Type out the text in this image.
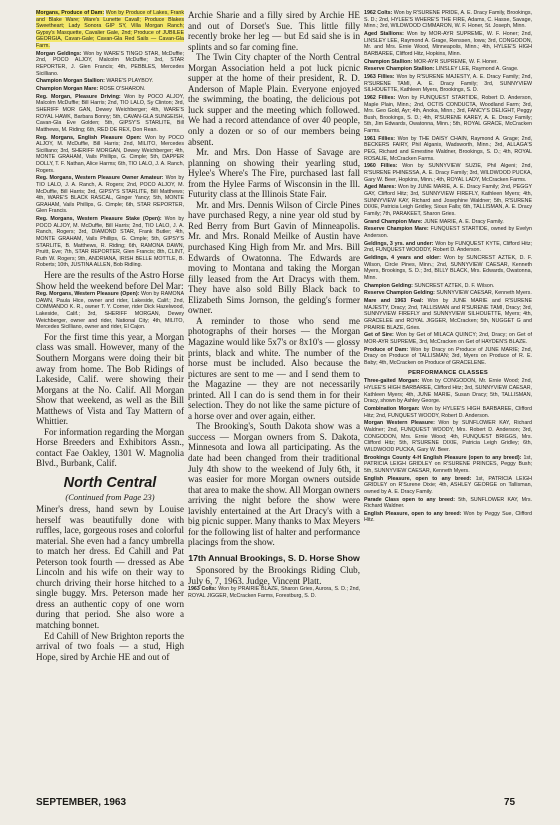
Morgans, Produce of Dam: Won by Produce of Lakes, Frank and Blake Ware; Ware's Lunette Cavall; Produce Blakes Sweetheart; Lady Sonora GIP SY, Villa Morgan Ranch; Gypsy's Masquette, Cavalier Gale, 2nd; Produce of JUBILEE GEORGIA, Cavan-Gale; Cavan-Gla Red Sails — Cavan-Gla Farm.

Morgan Geldings: Won by WARE'S TINGO STAR, McDuffie; 2nd, POCO ALJOY, Malcolm McDuffie; 3rd, STAR REPORTER, J. Glen Francis; 4th, PEBBLES, Mercedes Sicilliano.

Champion Morgan Stallion: WARE'S PLAYBOY.

Champion Morgan Mare: ROSE O'SHARON.

Reg. Morgan, Pleasure Driving: Won by POCO ALJOY, Malcolm McDuffie; Bill Harris; 2nd, TIO LALO, Sy Clinton; 3rd, SHERIFF MOR GAN, Dewey Weichberger; 4th, WARE'S ROYAL HAWK, Barbara Bonny; 5th, CAVAN-GLA SUNGEISH, Cavan-Gla Eve Golden; 5th, GIPSY'S STARLITE, Bill Matthews, M. Riding; 6th, RED DE REX, Don Rean.

Reg. Morgans, English Pleasure Open: Won by POCO ALJOY, M. McDuffie, Bill Harris; 2nd, MILITO, Mercedes Sicilliano; 3rd, SHERIFF MORGAN, Dewey Weichberger; 4th, MONTE GRAHAM, Vails Phillips, G. Cimple; 5th, DAPPER DOLLY, T. F. Nathan, Alice Harms; 6th, TIO LALO, J. A. Ranch, Rogers.

Reg. Morgans, Western Pleasure Owner Amateur: Won by TIO LALO, J. A. Ranch, A. Rogers; 2nd, POCO ALJOY, M. McDuffie, Bill Harris; 3rd, GIPSY'S STARLITE, Bill Matthews; 4th, WARE'S BLACK RASCAL, Ginger Yancy; 5th, MONTE GRAHAM, Vails Phillips, G. Cimple; 6th, STAR REPORTER, Glen Francis.

Reg. Morgans, Western Pleasure Stake (Open): Won by POCO ALJOY, M. McDuffie, Bill Harris; 2nd, TIO LALO, J. A. Ranch, Rogers; 3rd, DIAMOND STAR, Frank Butler; 4th, MONTE GRAHAM, Vails Phillips, G. Cimple; 5th, GIPSY'S STARLITE, B. Matthews, R. Riding; 6th, RAMONA DAWN, Pruitt, Eve; 7th, STAR REPORTER, Glen Francis; 8th, CLINT, Ruth W. Rogers; 9th, ANDRIANA, IRISH BELLE MOTTLE, B. Roberts; 10th, JUSTINA ALLEN, Bob Ridling.

Here are the results of the Astro Horse Show held the weekend before Del Mar:

Reg. Morgans, Western Pleasure (Open): Won by RAMONA DAWN, Paula Hice, owner and rider, Lakeside, Calif.; 2nd, COMMANDO K. R., owner T. Y. Corner, rider Dick Hazelwood, Lakeside, Calif.; 3rd, SHERIFF MORGAN, Dewey Weichberger, owner and rider, National City; 4th, MILITO, Mercedes Sicilliano, owner and rider, El Cajon.

For the first time this year, a Morgan class was small. However, many of the Southern Morgans were doing their bit away from home. The Bob Ridings of Lakeside, Calif. were showing their Morgans at the No. Calif. All Morgan Show that weekend, as well as the Bill Matthews of Vista and Tay Mattern of Whittier.

For information regarding the Morgan Horse Breeders and Exhibitors Assn., contact Fae Oakley, 1301 W. Magnolia Blvd., Burbank, Calif.

North Central
(Continued from Page 23)

Miner's dress, hand sewn by Louise herself was beautifully done with ruffles, lace, gorgeous roses and colorful material. She even had a fancy umbrella to match her dress. Ed Cahill and Pat Peterson took fourth — dressed as Abe Lincoln and his wife on their way to church driving their horse hitched to a single buggy. Mrs. Peterson made her dress an authentic copy of one worn during that period. She also wore a matching bonnet.

Ed Cahill of New Brighton reports the arrival of two foals — a stud, High Hope, sired by Archie HE and out of

Archie Sharie and a filly sired by Archie HE and out of Dorset's Sue. This little filly recently broke her leg — but Ed said she is in splints and so far coming fine.

The Twin City chapter of the North Central Morgan Association held a pot luck picnic supper at the home of their president, R. D. Anderson of Maple Plain. Everyone enjoyed the swimming, the boating, the delicious pot luck supper and the meeting which followed. We had a record attendance of over 40 people, only a dozen or so of our members being absent.

Mr. and Mrs. Don Hasse of Savage are planning on showing their yearling stud, Hylee's Where's The Fire, purchased last fall from the Hylee Farms of Wisconsin in the Ill. Futurity class at the Illinois State Fair.

Mr. and Mrs. Dennis Wilson of Circle Pines have purchased Regy, a nine year old stud by Red Berry from Burt Gavin of Minneapolis. Mr. and Mrs. Ronald Meilke of Austin have purchased King High from Mr. and Mrs. Bill Edwards of Owatonna. The Edwards are moving to Montana and taking the Morgan filly leased from the Art Dracys with them. They have also sold Billy Black back to Elizabeth Sims Jornson, the gelding's former owner.

A reminder to those who send me photographs of their horses — the Morgan Magazine would like 5x7's or 8x10's — glossy prints, black and white. The number of the horse must be included. Also because the pictures are sent to me — and I send them to the Magazine — they are not necessarily printed. All I can do is send them in for their selection. They do not like the same picture of a horse over and over again, either.

The Brooking's, South Dakota show was a success — Morgan owners from S. Dakota, Minnesota and Iowa all participating. As the date had been changed from their traditional July 4th show to the weekend of July 6th, it was easier for more Morgan owners outside that area to make the show. All Morgan owners arriving the night before the show were lavishly entertained at the Art Dracy's with a big picnic supper. Many thanks to Max Meyers for the following list of halter and performance placings from the show.

17th Annual Brookings, S. D. Horse Show

Sponsored by the Brookings Riding Club, July 6, 7, 1963. Judge, Vincent Platt.

1963 Colts: Won by PRAIRIE BLAZE, Sharon Gries, Aurora, S. D.; 2nd, ROYAL JIGGER, McCracken Farms, Forestburg, S. D.

1962 Colts: Won by R'SURENE PRIDE, A. E. Dracy Family, Brookings, S. D.; 2nd, HYLEE'S WHERE'S THE FIRE, Adams, C. Hasse, Savage, Minn.; 3rd, WILDWOOD CIMMARON, W. F. Honer, St. Joseph, Minn.

Aged Stallions: Won by MOR-AYR SUPREME, W. F. Honer; 2nd, LINSLEY LEE, Raymond A. Grage, Renssen, Iowa; 3rd, CONGODON, Mr. and Mrs. Ernie Wood, Minneapolis, Minn.; 4th, HYLEE'S HIGH BARBAREE, Clifford Hitz, Hopkins, Minn.

Champion Stallion: MOR-AYR SUPREME, W. F. Honer.

Reserve Champion Stallion: LINSLEY LEE, Raymond A. Grage.

1963 Fillies: Won by R'SURENE MAJESTY, A. E. Dracy Family; 2nd, R'SURENE TAMI, A. E. Dracy Family; 3rd, SUNNYVIEW SILHOUETTE, Kathleen Myers, Brookings, S. D.

1962 Fillies: Won by FUNQUEST STARTIDE, Robert D. Anderson, Maple Plain, Minn.; 2nd, OCTIS CONDUCTA, Woodland Farm; 3rd, Mrs. Geo Gold, Ayr; 4th, Anoka, Minn.; 3rd, FANCY'S DELIGHT, Peggy Bush, Brookings, S. D.; 4th, R'SURENE KAREY, A. E. Dracy Family; 5th, Jim Edwards, Owatonna, Minn.; 5th, ROYAL GRACE, McCracken Farms.

1961 Fillies: Won by THE DAISY CHAIN, Raymond A. Grage; 2nd, BECKERS FAIRY, Phil Alganis, Wadsworth, Minn.; 3rd, ALLAGA'S PEG, Richard and Ernestine Waldner, Brookings, S. D.; 4th, ROYAL ROSALIE, McCracken Farms.

1960 Fillies: Won by SUNNYVIEW SUZIE, Phil Algeni; 2nd, R'SURENE PHINESSA, A. E. Dracy Family; 3rd, WILDWOOD PUCKA, Gary W. Beer, Hopkins, Minn.; 4th, ROYAL LADY, McCracken Farms.

Aged Mares: Won by JUNE MARIE, A. E. Dracy Family; 2nd, PEGGY GAY, Clifford Hitz; 3rd, SUNNYVIEW FIREFLY, Kathleen Myers; 4th, SUNNYVIEW KAY, Richard and Josephine Waldner; 5th, R'SURENE DIXIE, Patricia Leigh Gridley, Sioux Falls; 6th, TALLISMAN, A. E. Dracy Family; 7th, PARAKEET, Sharon Gries.

Grand Champion Mare: JUNE MARIE, A. E. Dracy Family.

Reserve Champion Mare: FUNQUEST STARTIDE, owned by Evelyn Anderson.

Geldings, 3 yrs. and under: Won by FUNQUEST KYTE, Clifford Hitz; 2nd, FUNQUEST WOODDY, Robert D. Anderson.

Geldings, 4 years and older: Won by SUNCREST AZTEK, D. F. Wilson, Circle Pines, Minn.; 2nd, SUNNYVIEW CAESAR, Kenneth Myers, Brookings, S. D.; 3rd, BILLY BLACK, Mrs. Edwards, Owatonna, Minn.

Champion Gelding: SUNCREST AZTEK, D. F. Wilson.

Reserve Champion Gelding: SUNNYVIEW CAESAR, Kenneth Myers.

Mare and 1963 Foal: Won by JUNE MARIE and R'SURENE MAJESTY, Dracy; 2nd, TALLISMAN and R'SURENE TAMI, Dracy; 3rd, SUNNYVIEW FIREFLY and SUNNYVIEW SILHOUETTE, Myers; 4th, GRACELEE and ROYAL JIGGER, McCracken; 5th, NUGGET G and PRAIRIE BLAZE, Gries.

Get of Sire: Won by Get of MILACA QUINCY; 2nd, Dracy; on Get of MOR-AYR SUPREME, 3rd, McCracken on Get of HAYDEN'S BLAZE.

Produce of Dam: Won by Dracy on Produce of JUNE MARIE; 2nd, Dracy on Produce of TALLISMAN; 3rd, Myers on Produce of R. E. Baby; 4th, McCracken on Produce of GRACELENE.

PERFORMANCE CLASSES

Three-gaited Morgan: Won by CONGODON, Mr. Ernie Wood; 2nd, HYLEE'S HIGH BARBAREE, Clifford Hitz; 3rd, SUNNYVIEW CAESAR, Kathleen Myers; 4th, JUNE MARIE, Susan Dracy; 5th, TALLISMAN, Dracy, shown by Ashley George.

Combination Morgan: Won by HYLEE'S HIGH BARBAREE, Clifford Hitz; 2nd, FUNQUEST WOODY, Robert D. Anderson.

Morgan Western Pleasure: Won by SUNFLOWER KAY, Richard Waldner; 2nd, FUNQUEST WOODY, Mrs. Robert D. Anderson; 3rd, CONGODON, Mrs. Ernie Wood; 4th, FUNQUEST BRIGGS, Mrs. Clifford Hitz; 5th, R'SURENE DIXIE, Patricia Leigh Gridley; 6th, WILDWOOD PUCKA, Gary W. Beer.

Brookings County 4-H English Pleasure (open to any breed): 1st, PATRICIA LEIGH GRIDLEY on R'SURENE PRINCES, Peggy Bush; 5th, SUNNYVIEW CAESAR, Kenneth Myers.

English Pleasure, open to any breed: 1st, PATRICIA LEIGH GRIDLEY on R'Surene Dixie; 4th, ASHLEY GEORGE on Tallisman, owned by A. E. Dracy Family.

Parade Class open to any breed: 5th, SUNFLOWER KAY, Mrs. Richard Waldner.

English Pleasure, open to any breed: Won by Peggy Sue, Clifford Hitz.

SEPTEMBER, 1963	75
